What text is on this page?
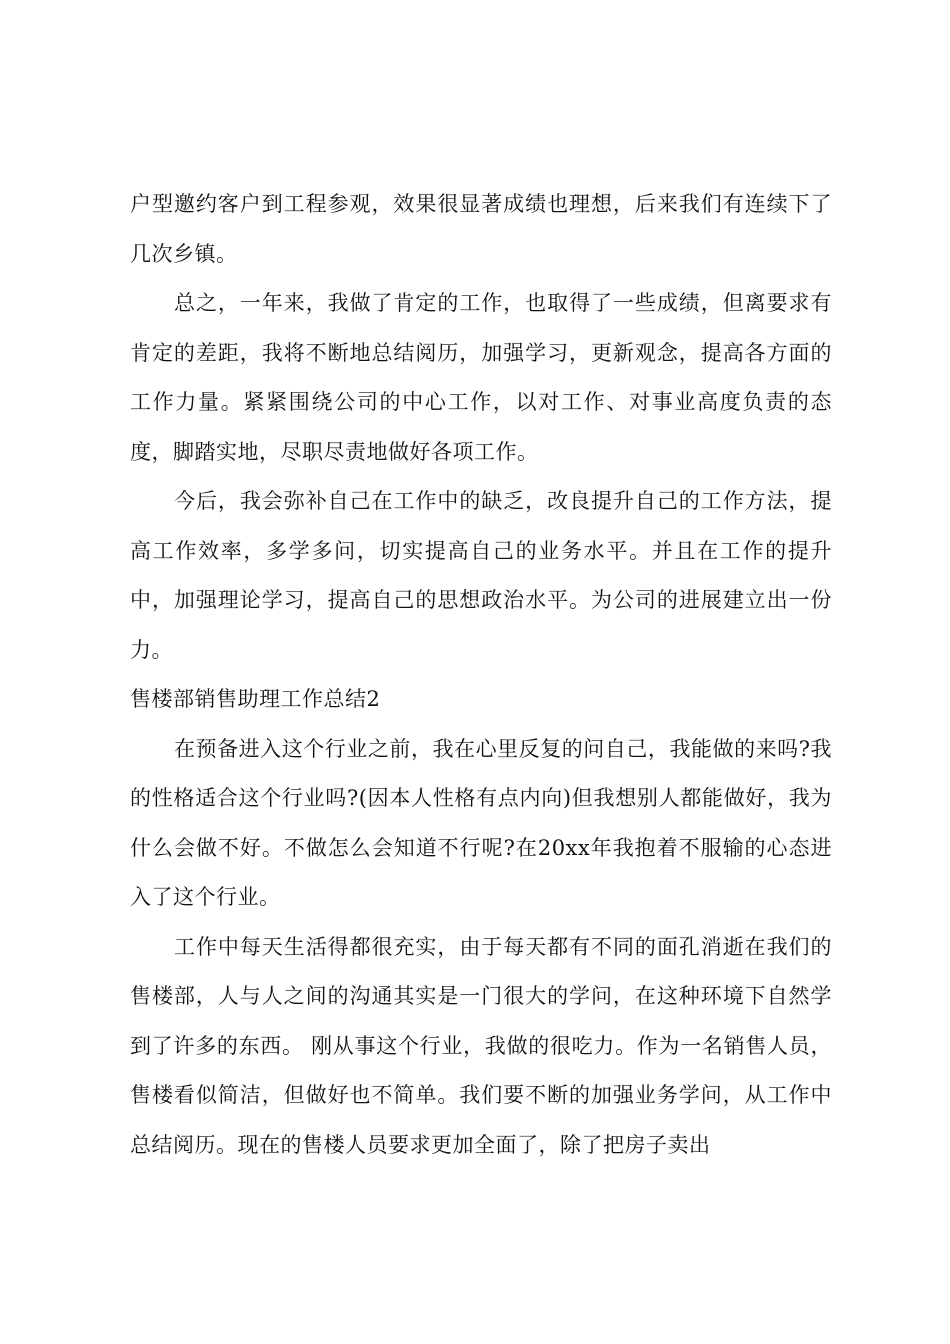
户型邀约客户到工程参观，效果很显著成绩也理想，后来我们有连续下了几次乡镇。

总之，一年来，我做了肯定的工作，也取得了一些成绩，但离要求有肯定的差距，我将不断地总结阅历，加强学习，更新观念，提高各方面的工作力量。紧紧围绕公司的中心工作，以对工作、对事业高度负责的态度，脚踏实地，尽职尽责地做好各项工作。

今后，我会弥补自己在工作中的缺乏，改良提升自己的工作方法，提高工作效率，多学多问，切实提高自己的业务水平。并且在工作的提升中，加强理论学习，提高自己的思想政治水平。为公司的进展建立出一份力。

售楼部销售助理工作总结2

在预备进入这个行业之前，我在心里反复的问自己，我能做的来吗?我的性格适合这个行业吗?(因本人性格有点内向)但我想别人都能做好，我为什么会做不好。不做怎么会知道不行呢?在20xx年我抱着不服输的心态进入了这个行业。

工作中每天生活得都很充实，由于每天都有不同的面孔消逝在我们的售楼部，人与人之间的沟通其实是一门很大的学问，在这种环境下自然学到了许多的东西。 刚从事这个行业，我做的很吃力。作为一名销售人员，售楼看似简洁，但做好也不简单。我们要不断的加强业务学问，从工作中总结阅历。现在的售楼人员要求更加全面了，除了把房子卖出
